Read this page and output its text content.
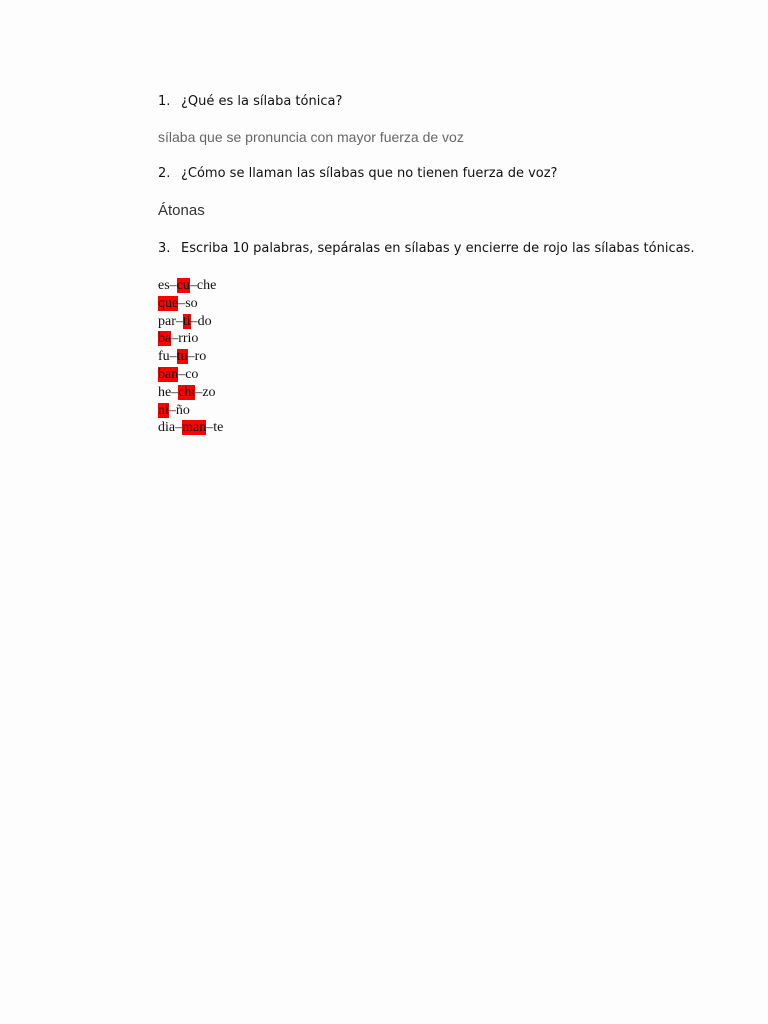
1. ¿Qué es la sílaba tónica?
sílaba que se pronuncia con mayor fuerza de voz
2. ¿Cómo se llaman las sílabas que no tienen fuerza de voz?
Átonas
3. Escriba 10 palabras, sepáralas en sílabas y encierre de rojo las sílabas tónicas.
es–cu–che
que–so
par–ti–do
ba–rrio
fu–tu–ro
ban–co
he–chi–zo
ni–ño
dia–man–te
